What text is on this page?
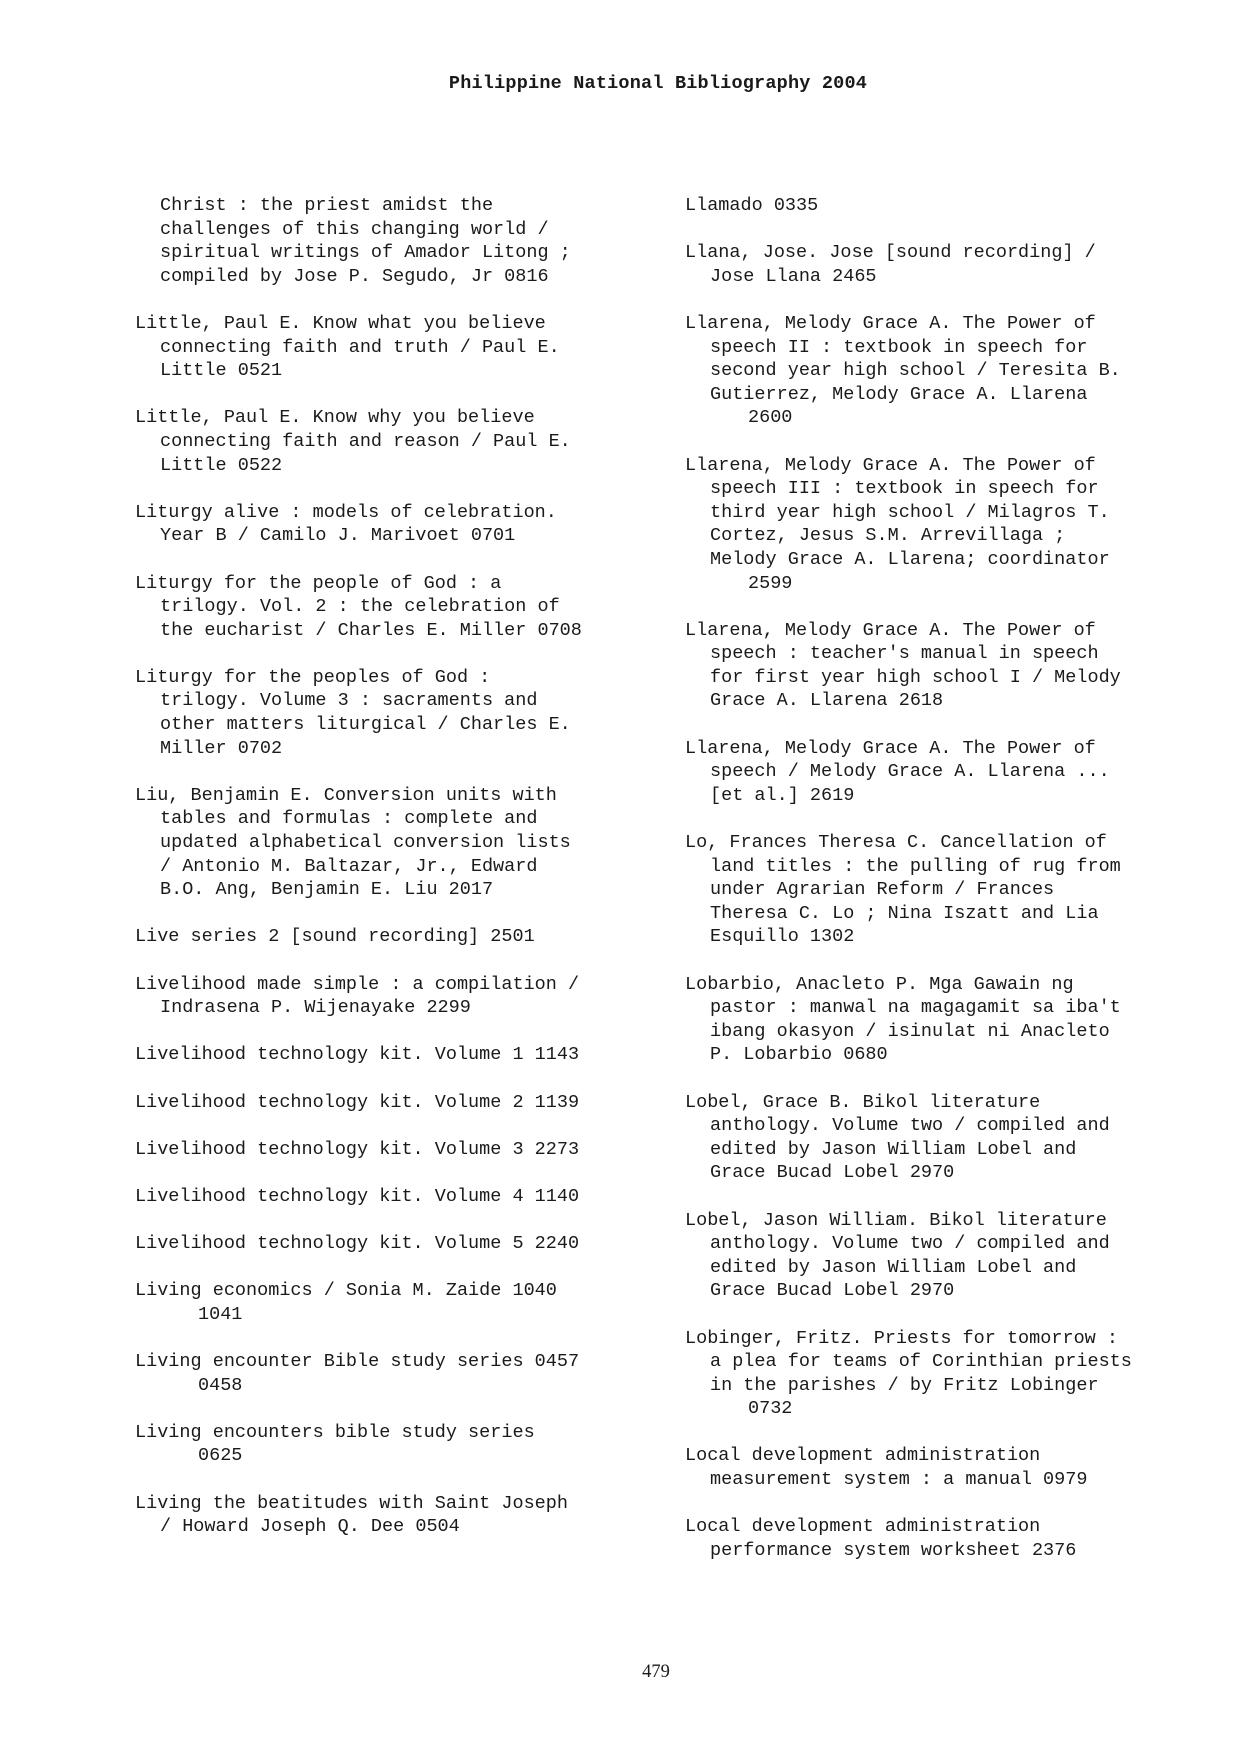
Philippine National Bibliography 2004
Christ : the priest amidst the
challenges of this changing world /
spiritual writings of Amador Litong ;
compiled by Jose P. Segudo, Jr 0816
Little, Paul E. Know what you believe
connecting faith and truth / Paul E.
Little 0521
Little, Paul E. Know why you believe
connecting faith and reason / Paul E.
Little 0522
Liturgy alive : models of celebration.
Year B / Camilo J. Marivoet 0701
Liturgy for the people of God : a
trilogy. Vol. 2 : the celebration of
the eucharist / Charles E. Miller 0708
Liturgy for the peoples of God :
trilogy. Volume 3 : sacraments and
other matters liturgical / Charles E.
Miller 0702
Liu, Benjamin E. Conversion units with
tables and formulas : complete and
updated alphabetical conversion lists
/ Antonio M. Baltazar, Jr., Edward
B.O. Ang, Benjamin E. Liu 2017
Live series 2 [sound recording] 2501
Livelihood made simple : a compilation /
Indrasena P. Wijenayake 2299
Livelihood technology kit. Volume 1 1143
Livelihood technology kit. Volume 2 1139
Livelihood technology kit. Volume 3 2273
Livelihood technology kit. Volume 4 1140
Livelihood technology kit. Volume 5 2240
Living economics / Sonia M. Zaide 1040
1041
Living encounter Bible study series 0457
0458
Living encounters bible study series
0625
Living the beatitudes with Saint Joseph
/ Howard Joseph Q. Dee 0504
Llamado 0335
Llana, Jose. Jose [sound recording] /
Jose Llana 2465
Llarena, Melody Grace A. The Power of
speech II : textbook in speech for
second year high school / Teresita B.
Gutierrez, Melody Grace A. Llarena
2600
Llarena, Melody Grace A. The Power of
speech III : textbook in speech for
third year high school / Milagros T.
Cortez, Jesus S.M. Arrevillaga ;
Melody Grace A. Llarena; coordinator
2599
Llarena, Melody Grace A. The Power of
speech : teacher's manual in speech
for first year high school I / Melody
Grace A. Llarena 2618
Llarena, Melody Grace A. The Power of
speech / Melody Grace A. Llarena ...
[et al.] 2619
Lo, Frances Theresa C. Cancellation of
land titles : the pulling of rug from
under Agrarian Reform / Frances
Theresa C. Lo ; Nina Iszatt and Lia
Esquillo 1302
Lobarbio, Anacleto P. Mga Gawain ng
pastor : manwal na magagamit sa iba't
ibang okasyon / isinulat ni Anacleto
P. Lobarbio 0680
Lobel, Grace B. Bikol literature
anthology. Volume two / compiled and
edited by Jason William Lobel and
Grace Bucad Lobel 2970
Lobel, Jason William. Bikol literature
anthology. Volume two / compiled and
edited by Jason William Lobel and
Grace Bucad Lobel 2970
Lobinger, Fritz. Priests for tomorrow :
a plea for teams of Corinthian priests
in the parishes / by Fritz Lobinger
0732
Local development administration
measurement system : a manual 0979
Local development administration
performance system worksheet 2376
479
